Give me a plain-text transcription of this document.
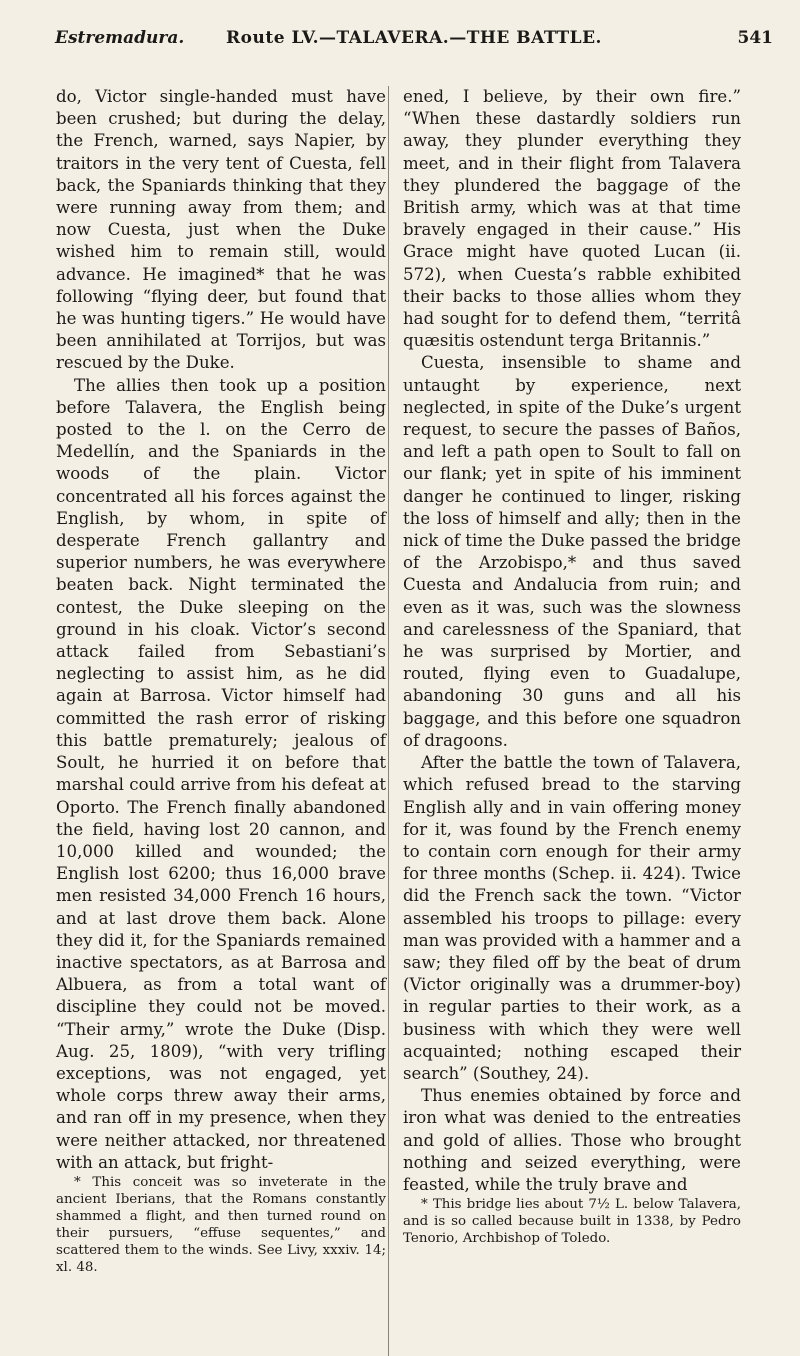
Estremadura.	Route LV.—TALAVERA.—THE BATTLE.	541

do, Victor single-handed must have been crushed; but during the delay, the French, warned, says Napier, by traitors in the very tent of Cuesta, fell back, the Spaniards thinking that they were running away from them; and now Cuesta, just when the Duke wished him to remain still, would advance. He imagined* that he was following “flying deer, but found that he was hunting tigers.” He would have been annihilated at Torrijos, but was rescued by the Duke.

The allies then took up a position before Talavera, the English being posted to the l. on the Cerro de Medellín, and the Spaniards in the woods of the plain. Victor concentrated all his forces against the English, by whom, in spite of desperate French gallantry and superior numbers, he was everywhere beaten back. Night terminated the contest, the Duke sleeping on the ground in his cloak. Victor’s second attack failed from Sebastiani’s neglecting to assist him, as he did again at Barrosa. Victor himself had committed the rash error of risking this battle prematurely; jealous of Soult, he hurried it on before that marshal could arrive from his defeat at Oporto. The French finally abandoned the field, having lost 20 cannon, and 10,000 killed and wounded; the English lost 6200; thus 16,000 brave men resisted 34,000 French 16 hours, and at last drove them back. Alone they did it, for the Spaniards remained inactive spectators, as at Barrosa and Albuera, as from a total want of discipline they could not be moved. “Their army,” wrote the Duke (Disp. Aug. 25, 1809), “with very trifling exceptions, was not engaged, yet whole corps threw away their arms, and ran off in my presence, when they were neither attacked, nor threatened with an attack, but fright-

* This conceit was so inveterate in the ancient Iberians, that the Romans constantly shammed a flight, and then turned round on their pursuers, “effuse sequentes,” and scattered them to the winds. See Livy, xxxiv. 14; xl. 48.

ened, I believe, by their own fire.” “When these dastardly soldiers run away, they plunder everything they meet, and in their flight from Talavera they plundered the baggage of the British army, which was at that time bravely engaged in their cause.” His Grace might have quoted Lucan (ii. 572), when Cuesta’s rabble exhibited their backs to those allies whom they had sought for to defend them, “territâ quæsitis ostendunt terga Britannis.”

Cuesta, insensible to shame and untaught by experience, next neglected, in spite of the Duke’s urgent request, to secure the passes of Baños, and left a path open to Soult to fall on our flank; yet in spite of his imminent danger he continued to linger, risking the loss of himself and ally; then in the nick of time the Duke passed the bridge of the Arzobispo,* and thus saved Cuesta and Andalucia from ruin; and even as it was, such was the slowness and carelessness of the Spaniard, that he was surprised by Mortier, and routed, flying even to Guadalupe, abandoning 30 guns and all his baggage, and this before one squadron of dragoons.

After the battle the town of Talavera, which refused bread to the starving English ally and in vain offering money for it, was found by the French enemy to contain corn enough for their army for three months (Schep. ii. 424). Twice did the French sack the town. “Victor assembled his troops to pillage: every man was provided with a hammer and a saw; they filed off by the beat of drum (Victor originally was a drummer-boy) in regular parties to their work, as a business with which they were well acquainted; nothing escaped their search” (Southey, 24).

Thus enemies obtained by force and iron what was denied to the entreaties and gold of allies. Those who brought nothing and seized everything, were feasted, while the truly brave and

* This bridge lies about 7½ L. below Talavera, and is so called because built in 1338, by Pedro Tenorio, Archbishop of Toledo.
